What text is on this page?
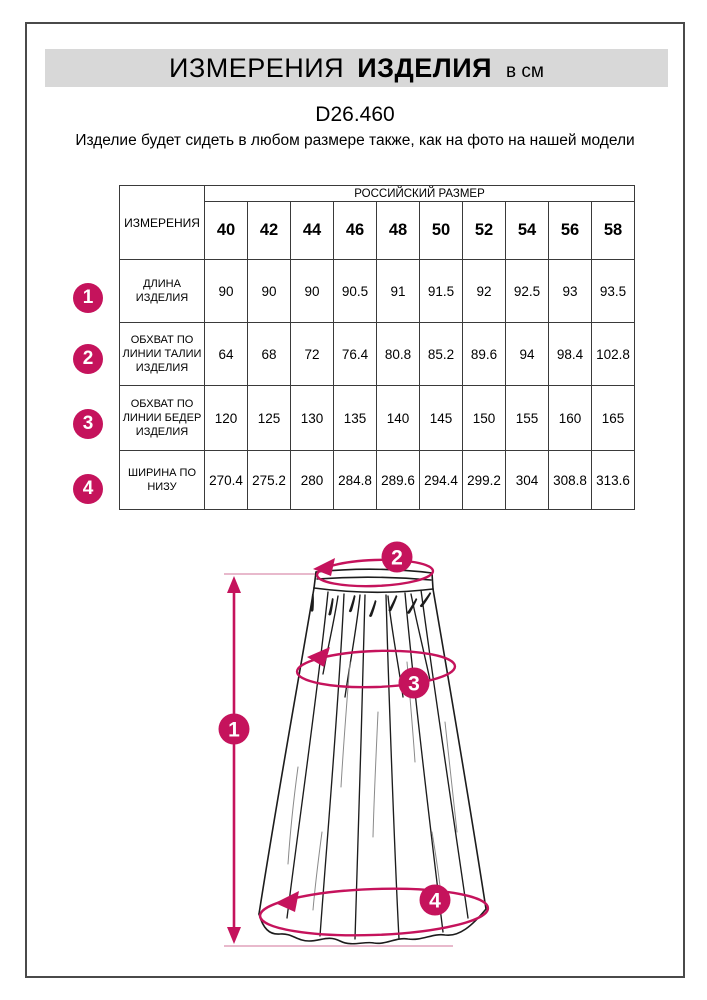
ИЗМЕРЕНИЯ ИЗДЕЛИЯ в см
D26.460
Изделие будет сидеть в любом размере также, как на фото на нашей модели
1
2
3
4
ИЗМЕРЕНИЯ	РОССИЙСКИЙ РАЗМЕР									
	40	42	44	46	48	50	52	54	56	58
ДЛИНА ИЗДЕЛИЯ	90	90	90	90.5	91	91.5	92	92.5	93	93.5
ОБХВАТ ПО ЛИНИИ ТАЛИИ ИЗДЕЛИЯ	64	68	72	76.4	80.8	85.2	89.6	94	98.4	102.8
ОБХВАТ ПО ЛИНИИ БЕДЕР ИЗДЕЛИЯ	120	125	130	135	140	145	150	155	160	165
ШИРИНА ПО НИЗУ	270.4	275.2	280	284.8	289.6	294.4	299.2	304	308.8	313.6
1
2
3
4
